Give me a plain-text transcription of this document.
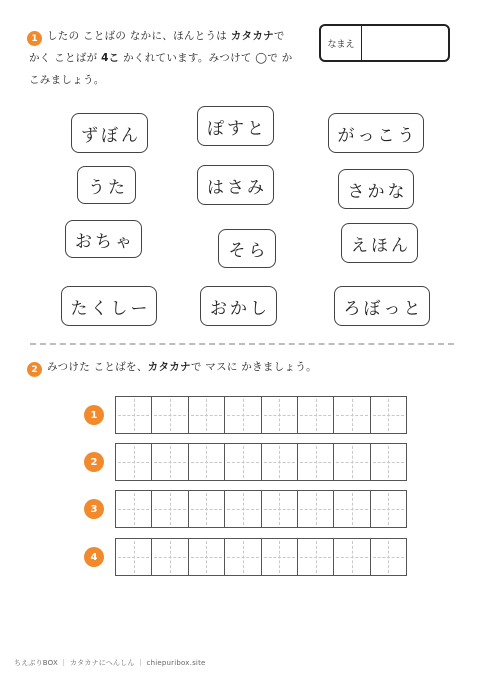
1 したの ことばの なかに、ほんとうは カタカナで
かく ことばが 4こ かくれています。みつけて ◯で か
こみましょう。
なまえ
ずぼん	ぽすと	がっこう
うた	はさみ	さかな
おちゃ	そら	えほん
たくしー	おかし	ろぼっと
2 みつけた ことばを、カタカナで マスに かきましょう。
1
2
3
4
ちえぶりBOX ｜ カタカナにへんしん ｜ chiepuribox.site
